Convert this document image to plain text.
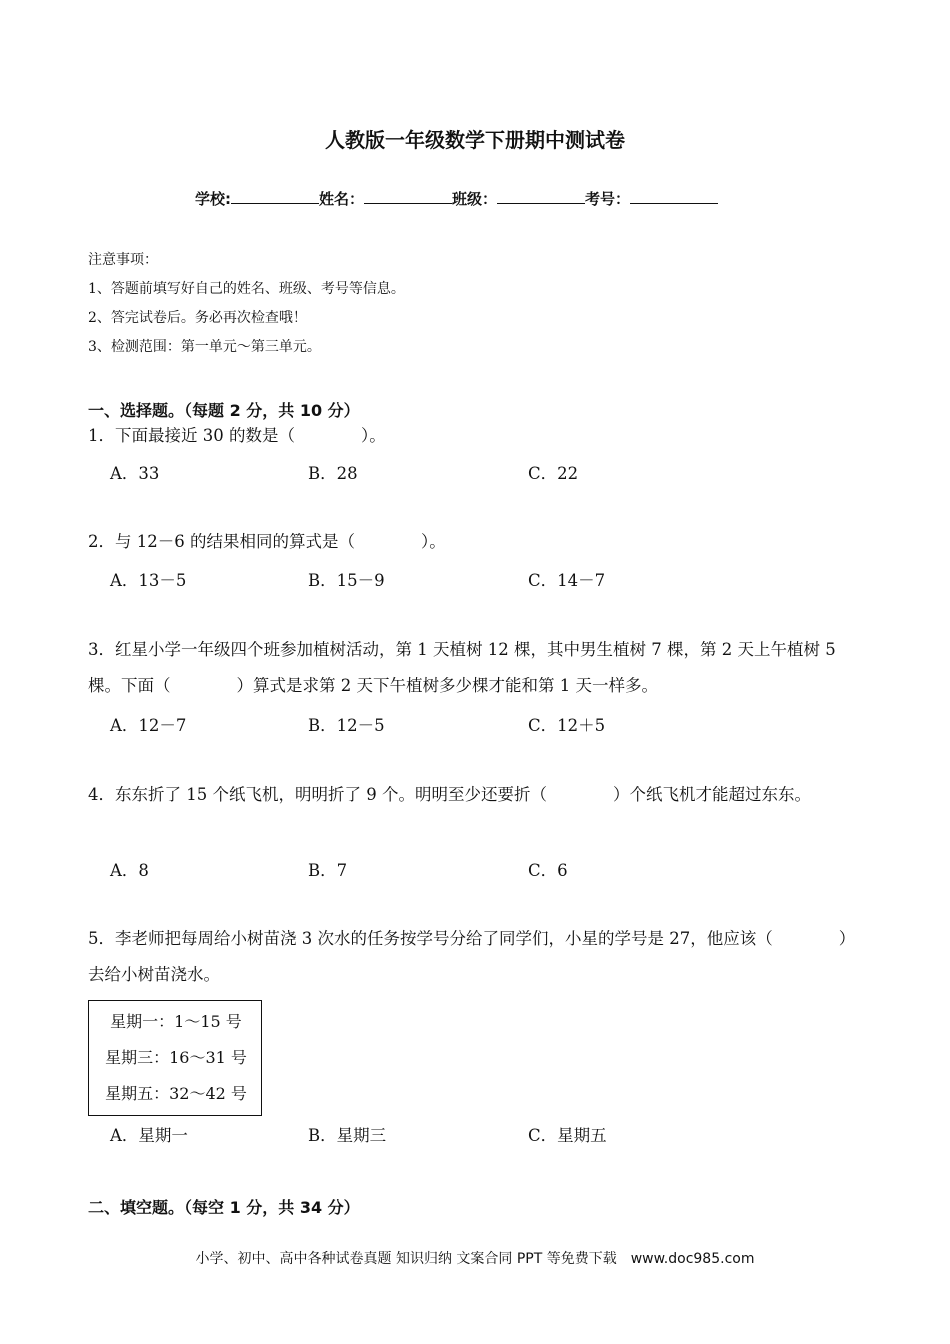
人教版一年级数学下册期中测试卷
学校:	姓名：	班级：	考号：
注意事项：
1、答题前填写好自己的姓名、班级、考号等信息。
2、答完试卷后。务必再次检查哦！
3、检测范围：第一单元～第三单元。
一、选择题。（每题 2 分，共 10 分）
1．下面最接近 30 的数是（　　　　）。
A．33	B．28	C．22
2．与 12－6 的结果相同的算式是（　　　　）。
A．13－5	B．15－9	C．14－7
3．红星小学一年级四个班参加植树活动，第 1 天植树 12 棵，其中男生植树 7 棵，第 2 天上午植树 5 棵。下面（　　　　）算式是求第 2 天下午植树多少棵才能和第 1 天一样多。
A．12－7	B．12－5	C．12＋5
4．东东折了 15 个纸飞机，明明折了 9 个。明明至少还要折（　　　　）个纸飞机才能超过东东。
A．8	B．7	C．6
5．李老师把每周给小树苗浇 3 次水的任务按学号分给了同学们，小星的学号是 27，他应该（　　　　）去给小树苗浇水。
星期一：1～15 号
星期三：16～31 号
星期五：32～42 号
A．星期一	B．星期三	C．星期五
二、填空题。（每空 1 分，共 34 分）
小学、初中、高中各种试卷真题 知识归纳 文案合同 PPT 等免费下载　www.doc985.com
